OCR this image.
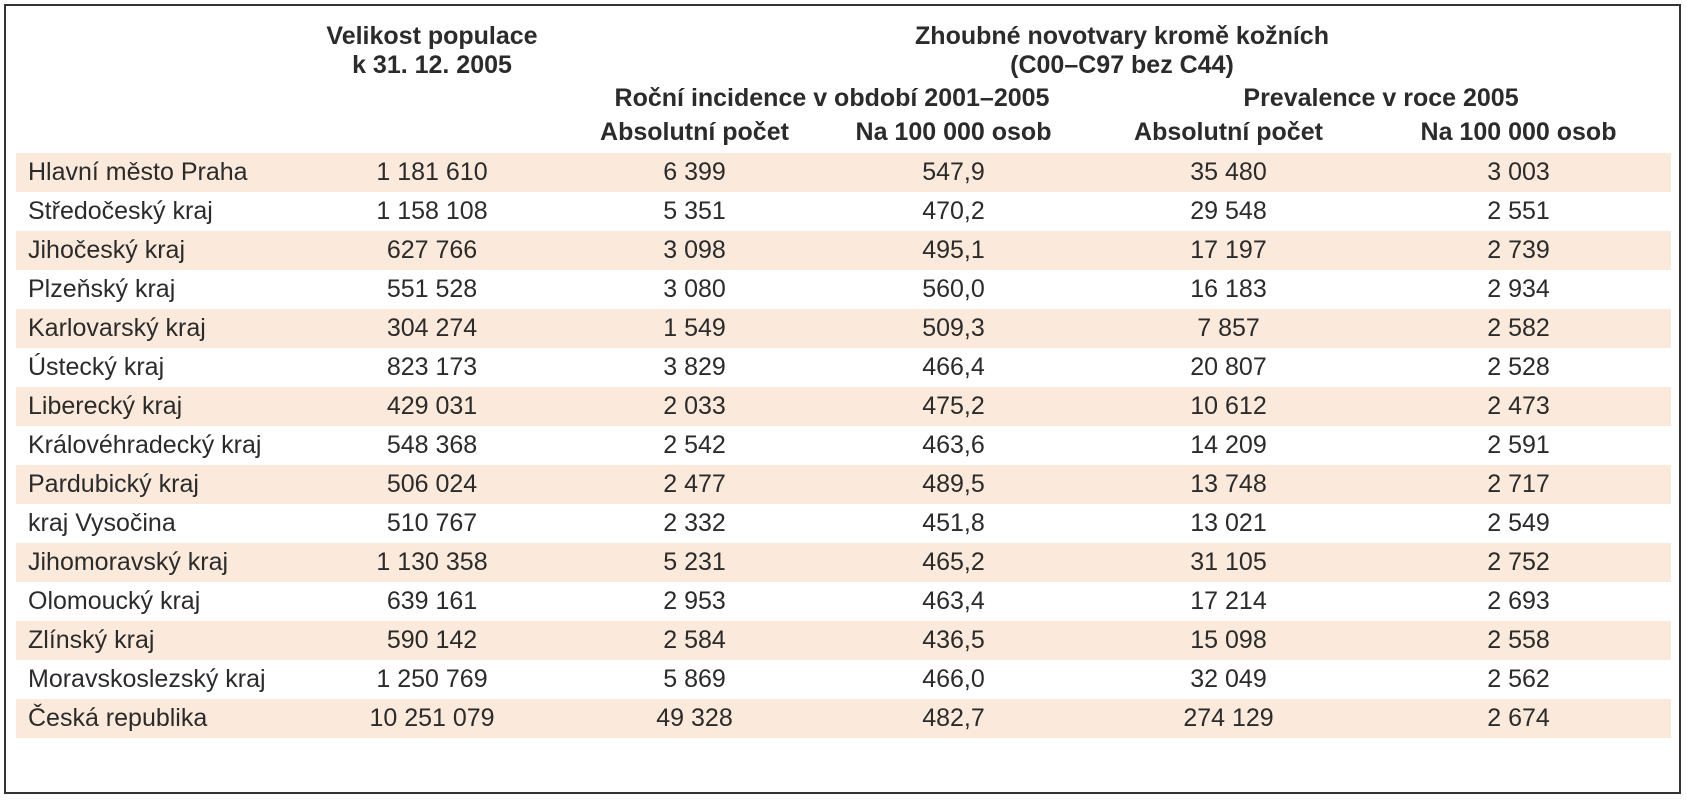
	Velikost populace	Zhoubné novotvary kromě kožních			
	k 31. 12. 2005	(C00–C97 bez C44)			
		Roční incidence v období 2001–2005		Prevalence v roce 2005	
		Absolutní počet	Na 100 000 osob	Absolutní počet	Na 100 000 osob
Hlavní město Praha	1 181 610	6 399	547,9	35 480	3 003
Středočeský kraj	1 158 108	5 351	470,2	29 548	2 551
Jihočeský kraj	627 766	3 098	495,1	17 197	2 739
Plzeňský kraj	551 528	3 080	560,0	16 183	2 934
Karlovarský kraj	304 274	1 549	509,3	7 857	2 582
Ústecký kraj	823 173	3 829	466,4	20 807	2 528
Liberecký kraj	429 031	2 033	475,2	10 612	2 473
Královéhradecký kraj	548 368	2 542	463,6	14 209	2 591
Pardubický kraj	506 024	2 477	489,5	13 748	2 717
kraj Vysočina	510 767	2 332	451,8	13 021	2 549
Jihomoravský kraj	1 130 358	5 231	465,2	31 105	2 752
Olomoucký kraj	639 161	2 953	463,4	17 214	2 693
Zlínský kraj	590 142	2 584	436,5	15 098	2 558
Moravskoslezský kraj	1 250 769	5 869	466,0	32 049	2 562
Česká republika	10 251 079	49 328	482,7	274 129	2 674
